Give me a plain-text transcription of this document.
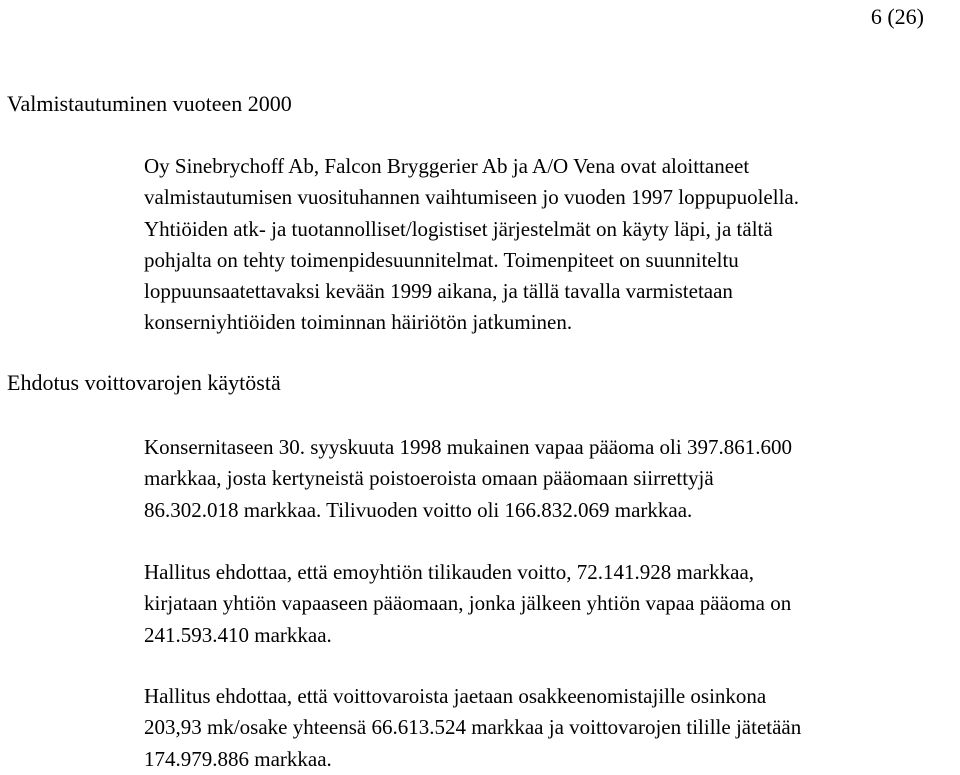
6 (26)
Valmistautuminen vuoteen 2000
Oy Sinebrychoff Ab, Falcon Bryggerier Ab ja A/O Vena ovat aloittaneet
valmistautumisen vuosituhannen vaihtumiseen jo vuoden 1997 loppupuolella.
Yhtiöiden atk- ja tuotannolliset/logistiset järjestelmät on käyty läpi, ja tältä
pohjalta on tehty toimenpidesuunnitelmat. Toimenpiteet on suunniteltu
loppuunsaatettavaksi kevään 1999 aikana, ja tällä tavalla varmistetaan
konserniyhtiöiden toiminnan häiriötön jatkuminen.
Ehdotus voittovarojen käytöstä
Konsernitaseen 30. syyskuuta 1998 mukainen vapaa pääoma oli 397.861.600
markkaa, josta kertyneistä poistoeroista omaan pääomaan siirrettyjä
86.302.018 markkaa. Tilivuoden voitto oli 166.832.069 markkaa.
Hallitus ehdottaa, että emoyhtiön tilikauden voitto, 72.141.928 markkaa,
kirjataan yhtiön vapaaseen pääomaan, jonka jälkeen yhtiön vapaa pääoma on
241.593.410 markkaa.
Hallitus ehdottaa, että voittovaroista jaetaan osakkeenomistajille osinkona
203,93 mk/osake yhteensä 66.613.524 markkaa ja voittovarojen tilille jätetään
174.979.886 markkaa.
